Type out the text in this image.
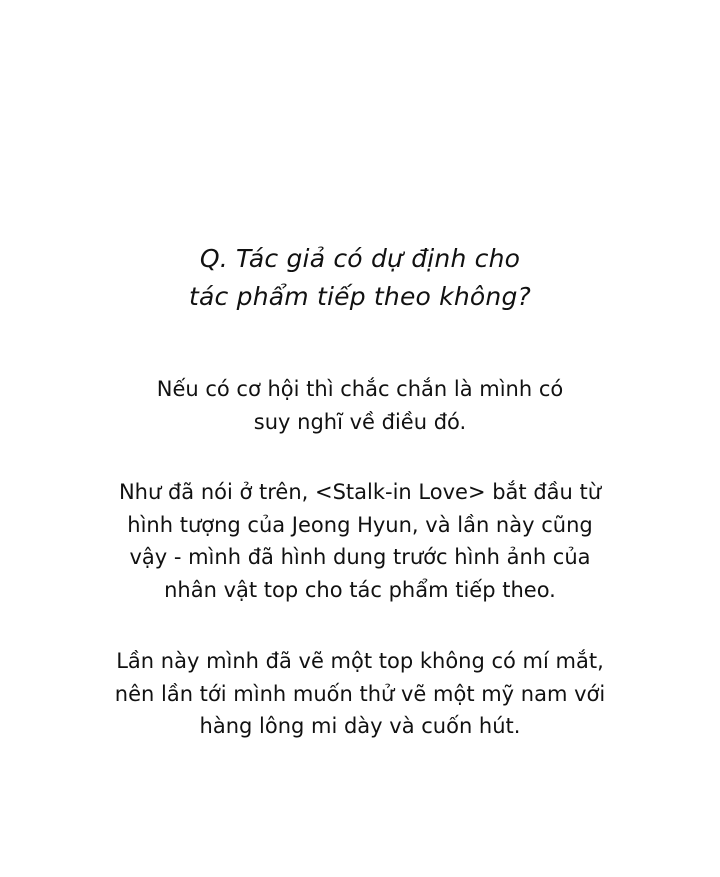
Q. Tác giả có dự định cho
tác phẩm tiếp theo không?
Nếu có cơ hội thì chắc chắn là mình có
suy nghĩ về điều đó.
Như đã nói ở trên, <Stalk-in Love> bắt đầu từ
hình tượng của Jeong Hyun, và lần này cũng
vậy - mình đã hình dung trước hình ảnh của
nhân vật top cho tác phẩm tiếp theo.
Lần này mình đã vẽ một top không có mí mắt,
nên lần tới mình muốn thử vẽ một mỹ nam với
hàng lông mi dày và cuốn hút.
